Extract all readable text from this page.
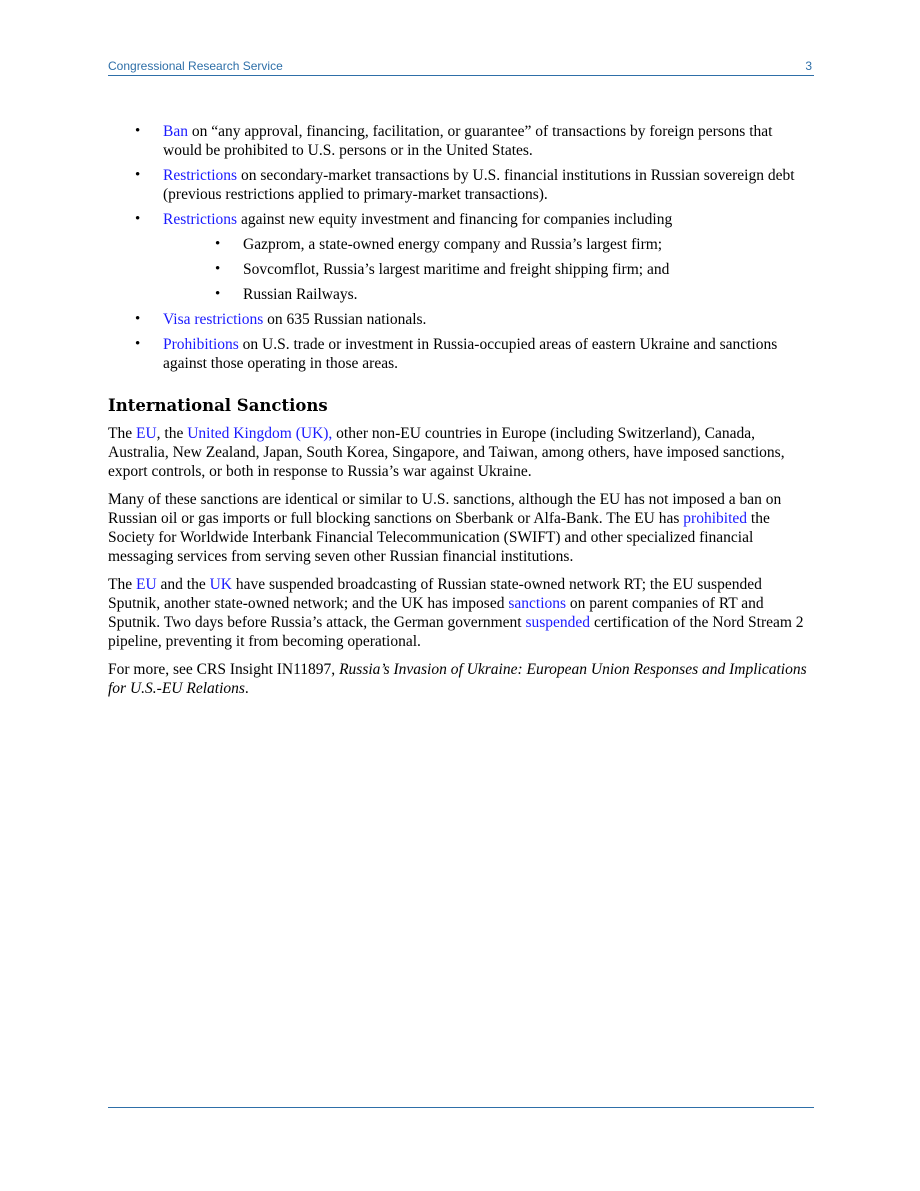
Congressional Research Service	3
• Ban on “any approval, financing, facilitation, or guarantee” of transactions by foreign persons that would be prohibited to U.S. persons or in the United States.
• Restrictions on secondary-market transactions by U.S. financial institutions in Russian sovereign debt (previous restrictions applied to primary-market transactions).
• Restrictions against new equity investment and financing for companies including
• Gazprom, a state-owned energy company and Russia’s largest firm;
• Sovcomflot, Russia’s largest maritime and freight shipping firm; and
• Russian Railways.
• Visa restrictions on 635 Russian nationals.
• Prohibitions on U.S. trade or investment in Russia-occupied areas of eastern Ukraine and sanctions against those operating in those areas.
International Sanctions

The EU, the United Kingdom (UK), other non-EU countries in Europe (including Switzerland), Canada, Australia, New Zealand, Japan, South Korea, Singapore, and Taiwan, among others, have imposed sanctions, export controls, or both in response to Russia’s war against Ukraine.

Many of these sanctions are identical or similar to U.S. sanctions, although the EU has not imposed a ban on Russian oil or gas imports or full blocking sanctions on Sberbank or Alfa-Bank. The EU has prohibited the Society for Worldwide Interbank Financial Telecommunication (SWIFT) and other specialized financial messaging services from serving seven other Russian financial institutions.

The EU and the UK have suspended broadcasting of Russian state-owned network RT; the EU suspended Sputnik, another state-owned network; and the UK has imposed sanctions on parent companies of RT and Sputnik. Two days before Russia’s attack, the German government suspended certification of the Nord Stream 2 pipeline, preventing it from becoming operational.

For more, see CRS Insight IN11897, Russia’s Invasion of Ukraine: European Union Responses and Implications for U.S.-EU Relations.
